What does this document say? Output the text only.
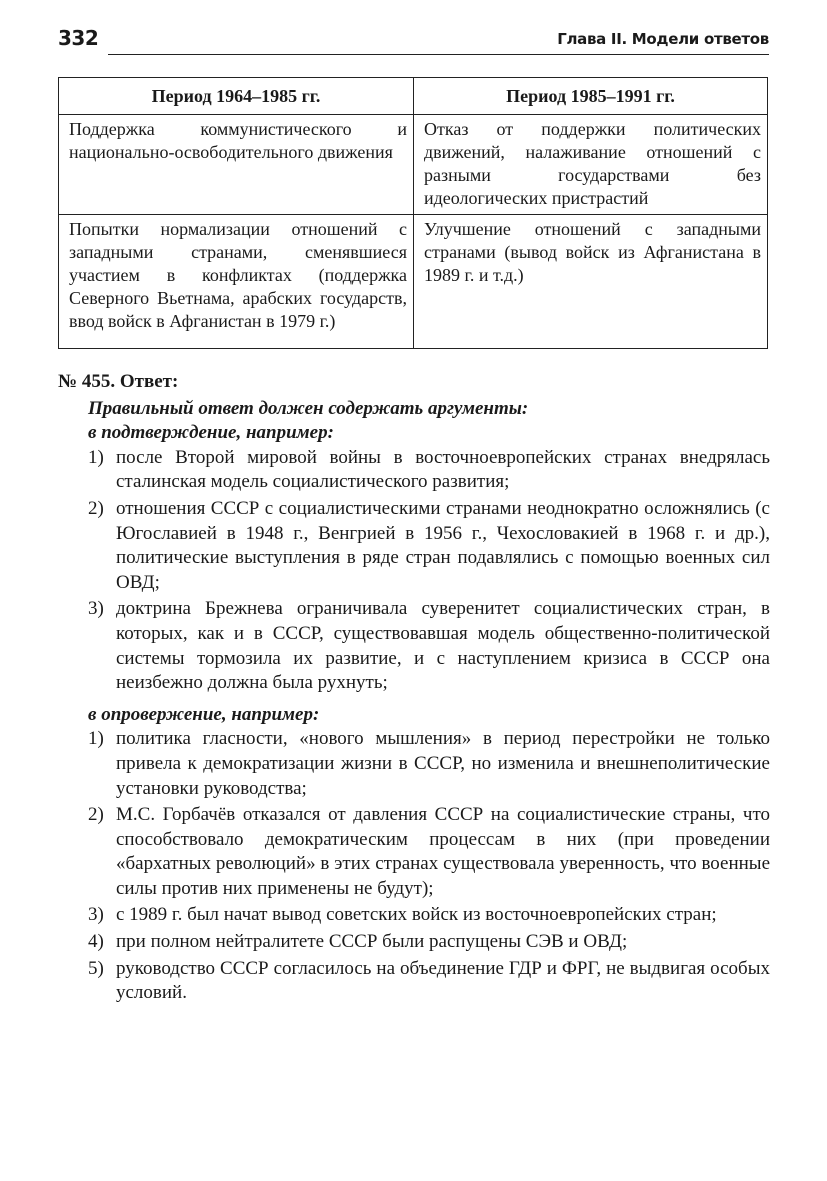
332	Глава II. Модели ответов
Период 1964–1985 гг.	Период 1985–1991 гг.
Поддержка коммунистического и национально-освободительного движения	Отказ от поддержки политических движений, налаживание отношений с разными государствами без идеологических пристрастий
Попытки нормализации отношений с западными странами, сменявшиеся участием в конфликтах (поддержка Северного Вьетнама, арабских государств, ввод войск в Афганистан в 1979 г.)	Улучшение отношений с западными странами (вывод войск из Афганистана в 1989 г. и т.д.)

№ 455. Ответ:

Правильный ответ должен содержать аргументы:

в подтверждение, например:

1) после Второй мировой войны в восточноевропейских странах внедрялась сталинская модель социалистического развития;
2) отношения СССР с социалистическими странами неоднократно осложнялись (с Югославией в 1948 г., Венгрией в 1956 г., Чехословакией в 1968 г. и др.), политические выступления в ряде стран подавлялись с помощью военных сил ОВД;
3) доктрина Брежнева ограничивала суверенитет социалистических стран, в которых, как и в СССР, существовавшая модель общественно-политической системы тормозила их развитие, и с наступлением кризиса в СССР она неизбежно должна была рухнуть;

в опровержение, например:

1) политика гласности, «нового мышления» в период перестройки не только привела к демократизации жизни в СССР, но изменила и внешнеполитические установки руководства;
2) М.С. Горбачёв отказался от давления СССР на социалистические страны, что способствовало демократическим процессам в них (при проведении «бархатных революций» в этих странах существовала уверенность, что военные силы против них применены не будут);
3) с 1989 г. был начат вывод советских войск из восточноевропейских стран;
4) при полном нейтралитете СССР были распущены СЭВ и ОВД;
5) руководство СССР согласилось на объединение ГДР и ФРГ, не выдвигая особых условий.
